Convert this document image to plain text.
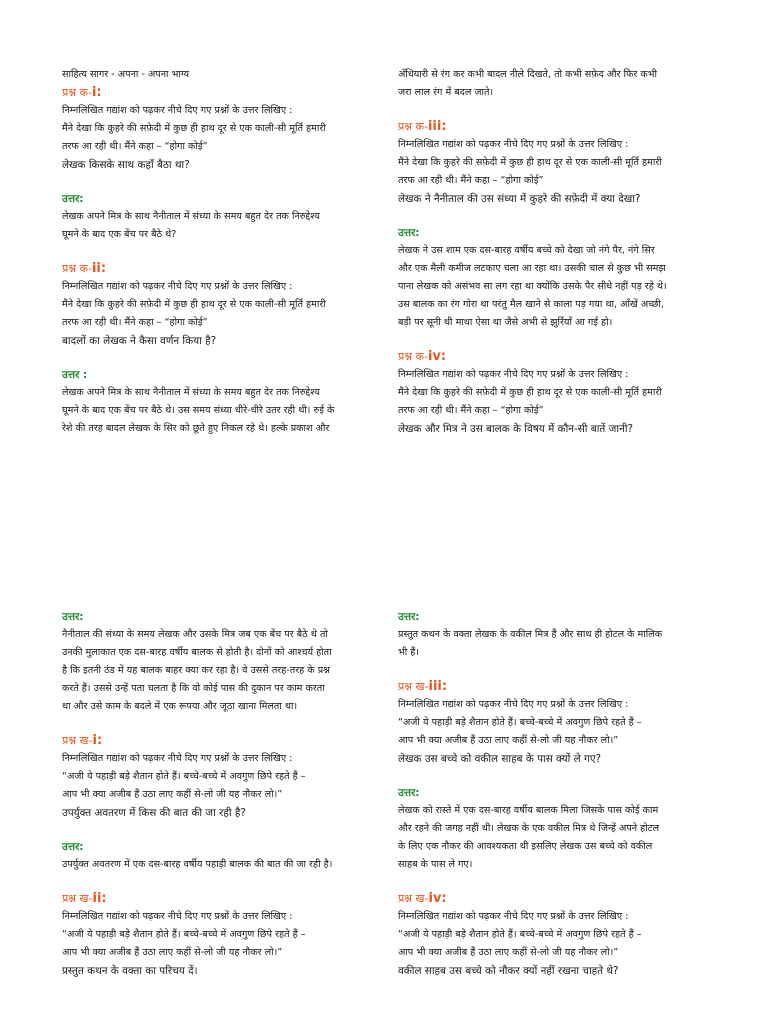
साहित्य सागर - अपना - अपना भाग्य

प्रश्न क-i:

निम्नलिखित गद्यांश को पढ़कर नीचे दिए गए प्रश्नों के उत्तर लिखिए :

मैंने देखा कि कुहरे की सफ़ेदी में कुछ ही हाथ दूर से एक काली-सी मूर्ति हमारी

तरफ आ रही थी। मैंने कहा – “होगा कोई”

लेखक किसके साथ कहाँ बैठा था?

उत्तर:

लेखक अपने मित्र के साथ नैनीताल में संध्या के समय बहुत देर तक निरुद्देश्य

घूमने के बाद एक बेंच पर बैठे थे?

प्रश्न क-ii:

निम्नलिखित गद्यांश को पढ़कर नीचे दिए गए प्रश्नों के उत्तर लिखिए :

मैंने देखा कि कुहरे की सफ़ेदी में कुछ ही हाथ दूर से एक काली-सी मूर्ति हमारी

तरफ आ रही थी। मैंने कहा – “होगा कोई”

बादलों का लेखक ने कैसा वर्णन किया है?

उत्तर :

लेखक अपने मित्र के साथ नैनीताल में संध्या के समय बहुत देर तक निरुद्देश्य

घूमने के बाद एक बेंच पर बैठे थे। उस समय संध्या धीरे-धीरे उतर रही थी। रुई के

रेशे की तरह बादल लेखक के सिर को छूते हुए निकल रहे थे। हल्के प्रकाश और

अँधियारी से रंग कर कभी बादल नीले दिखते, तो कभी सफ़ेद और फिर कभी

जरा लाल रंग में बदल जाते।

प्रश्न क-iii:

निम्नलिखित गद्यांश को पढ़कर नीचे दिए गए प्रश्नों के उत्तर लिखिए :

मैंने देखा कि कुहरे की सफ़ेदी में कुछ ही हाथ दूर से एक काली-सी मूर्ति हमारी

तरफ आ रही थी। मैंने कहा – “होगा कोई”

लेखक ने नैनीताल की उस संध्या में कुहरे की सफ़ेदी में क्या देखा?

उत्तर:

लेखक ने उस शाम एक दस-बारह वर्षीय बच्चे को देखा जो नंगे पैर, नंगे सिर

और एक मैली कमीज लटकाए चला आ रहा था। उसकी चाल से कुछ भी समझ

पाना लेखक को असंभव सा लग रहा था क्योंकि उसके पैर सीधे नहीं पड़ रहे थे।

उस बालक का रंग गोरा था परंतु मैल खाने से काला पड़ गया था, आँखें अच्छी,

बड़ी पर सूनी थी माथा ऐसा था जैसे अभी से झुर्रियाँ आ गई हो।

प्रश्न क-iv:

निम्नलिखित गद्यांश को पढ़कर नीचे दिए गए प्रश्नों के उत्तर लिखिए :

मैंने देखा कि कुहरे की सफ़ेदी में कुछ ही हाथ दूर से एक काली-सी मूर्ति हमारी

तरफ आ रही थी। मैंने कहा – “होगा कोई”

लेखक और मित्र ने उस बालक के विषय में कौन-सी बातें जानी?

उत्तर:

नैनीताल की संध्या के समय लेखक और उसके मित्र जब एक बेंच पर बैठे थे तो

उनकी मुलाकात एक दस-बारह वर्षीय बालक से होती है। दोनों को आश्चर्य होता

है कि इतनी ठंड में यह बालक बाहर क्या कर रहा है। वे उससे तरह-तरह के प्रश्न

करते हैं। उससे उन्हें पता चलता है कि वो कोई पास की दुकान पर काम करता

था और उसे काम के बदले में एक रूपया और जूठा खाना मिलता था।

प्रश्न ख-i:

निम्नलिखित गद्यांश को पढ़कर नीचे दिए गए प्रश्नों के उत्तर लिखिए :

“अजी ये पहाड़ी बड़े शैतान होते हैं। बच्चे-बच्चे में अवगुण छिपे रहते हैं –

आप भी क्या अजीब हैं उठा लाए कहीं से-लो जी यह नौकर लो।”

उपर्युक्त अवतरण में किस की बात की जा रही है?

उत्तर:

उपर्युक्त अवतरण में एक दस-बारह वर्षीय पहाड़ी बालक की बात की जा रही है।

प्रश्न ख-ii:

निम्नलिखित गद्यांश को पढ़कर नीचे दिए गए प्रश्नों के उत्तर लिखिए :

“अजी ये पहाड़ी बड़े शैतान होते हैं। बच्चे-बच्चे में अवगुण छिपे रहते हैं –

आप भी क्या अजीब हैं उठा लाए कहीं से-लो जी यह नौकर लो।”

प्रस्तुत कथन के वक्ता का परिचय दें।

उत्तर:

प्रस्तुत कथन के वक्ता लेखक के वकील मित्र हैं और साथ ही होटल के मालिक

भी हैं।

प्रश्न ख-iii:

निम्नलिखित गद्यांश को पढ़कर नीचे दिए गए प्रश्नों के उत्तर लिखिए :

“अजी ये पहाड़ी बड़े शैतान होते हैं। बच्चे-बच्चे में अवगुण छिपे रहते हैं –

आप भी क्या अजीब हैं उठा लाए कहीं से-लो जी यह नौकर लो।”

लेखक उस बच्चे को वकील साहब के पास क्यों ले गए?

उत्तर:

लेखक को रास्ते में एक दस-बारह वर्षीय बालक मिला जिसके पास कोई काम

और रहने की जगह नहीं थी। लेखक के एक वकील मित्र थे जिन्हें अपने होटल

के लिए एक नौकर की आवश्यकता थी इसलिए लेखक उस बच्चे को वकील

साहब के पास ले गए।

प्रश्न ख-iv:

निम्नलिखित गद्यांश को पढ़कर नीचे दिए गए प्रश्नों के उत्तर लिखिए :

“अजी ये पहाड़ी बड़े शैतान होते हैं। बच्चे-बच्चे में अवगुण छिपे रहते हैं –

आप भी क्या अजीब हैं उठा लाए कहीं से-लो जी यह नौकर लो।”

वकील साहब उस बच्चे को नौकर क्यों नहीं रखना चाहते थे?
